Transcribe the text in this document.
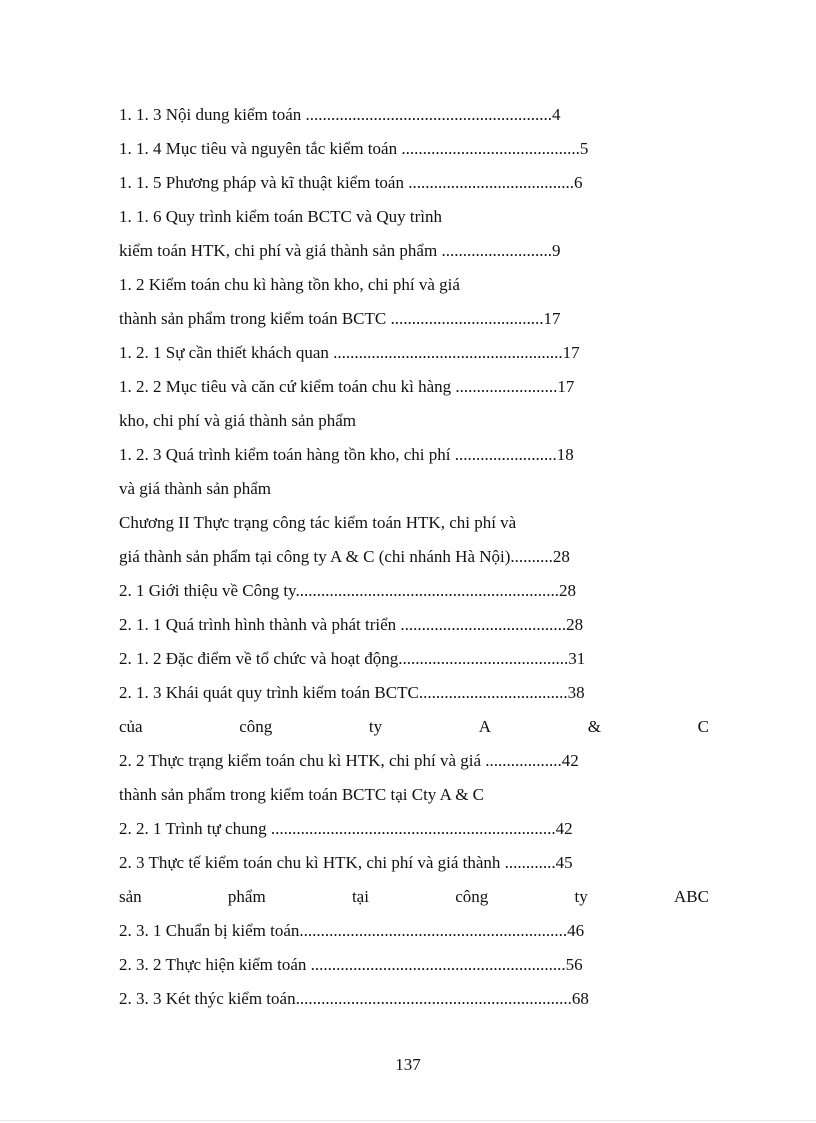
1. 1. 3 Nội dung kiểm toán ..........................................................4
1. 1. 4 Mục tiêu và nguyên tắc kiểm toán ..........................................5
1. 1. 5 Phương pháp và kĩ thuật kiểm toán .......................................6
1. 1. 6 Quy trình kiểm toán BCTC và Quy trình
kiểm toán HTK, chi phí và giá thành sản phẩm ..........................9
1. 2 Kiểm toán chu kì hàng tồn kho, chi phí và giá
thành sản phẩm trong kiểm toán BCTC ....................................17
1. 2. 1 Sự cần thiết khách quan ......................................................17
1. 2. 2 Mục tiêu và căn cứ kiểm toán chu kì hàng ........................17
kho, chi phí và giá thành sản phẩm
1. 2. 3 Quá trình kiểm toán hàng tồn kho, chi phí ........................18
và giá thành sản phẩm
Chương II Thực trạng công tác kiểm toán HTK, chi phí và
giá thành sản phẩm tại công ty A & C (chi nhánh Hà Nội)..........28
2. 1 Giới thiệu về Công ty..............................................................28
2. 1. 1 Quá trình hình thành và phát triển .......................................28
2. 1. 2 Đặc điểm về tổ chức và hoạt động........................................31
2. 1. 3 Khái quát quy trình kiểm toán BCTC...................................38
của	công	ty	A	&	C
2. 2 Thực trạng kiểm toán chu kì HTK, chi phí và giá ..................42
thành sản phẩm trong kiểm toán BCTC tại Cty A & C
2. 2. 1 Trình tự chung ...................................................................42
2. 3 Thực tế kiểm toán chu kì HTK, chi phí và giá thành ............45
sản	phẩm	tại	công	ty	ABC
2. 3. 1 Chuẩn bị kiểm toán...............................................................46
2. 3. 2 Thực hiện kiểm toán ............................................................56
2. 3. 3 Két thýc kiểm toán.................................................................68
137
